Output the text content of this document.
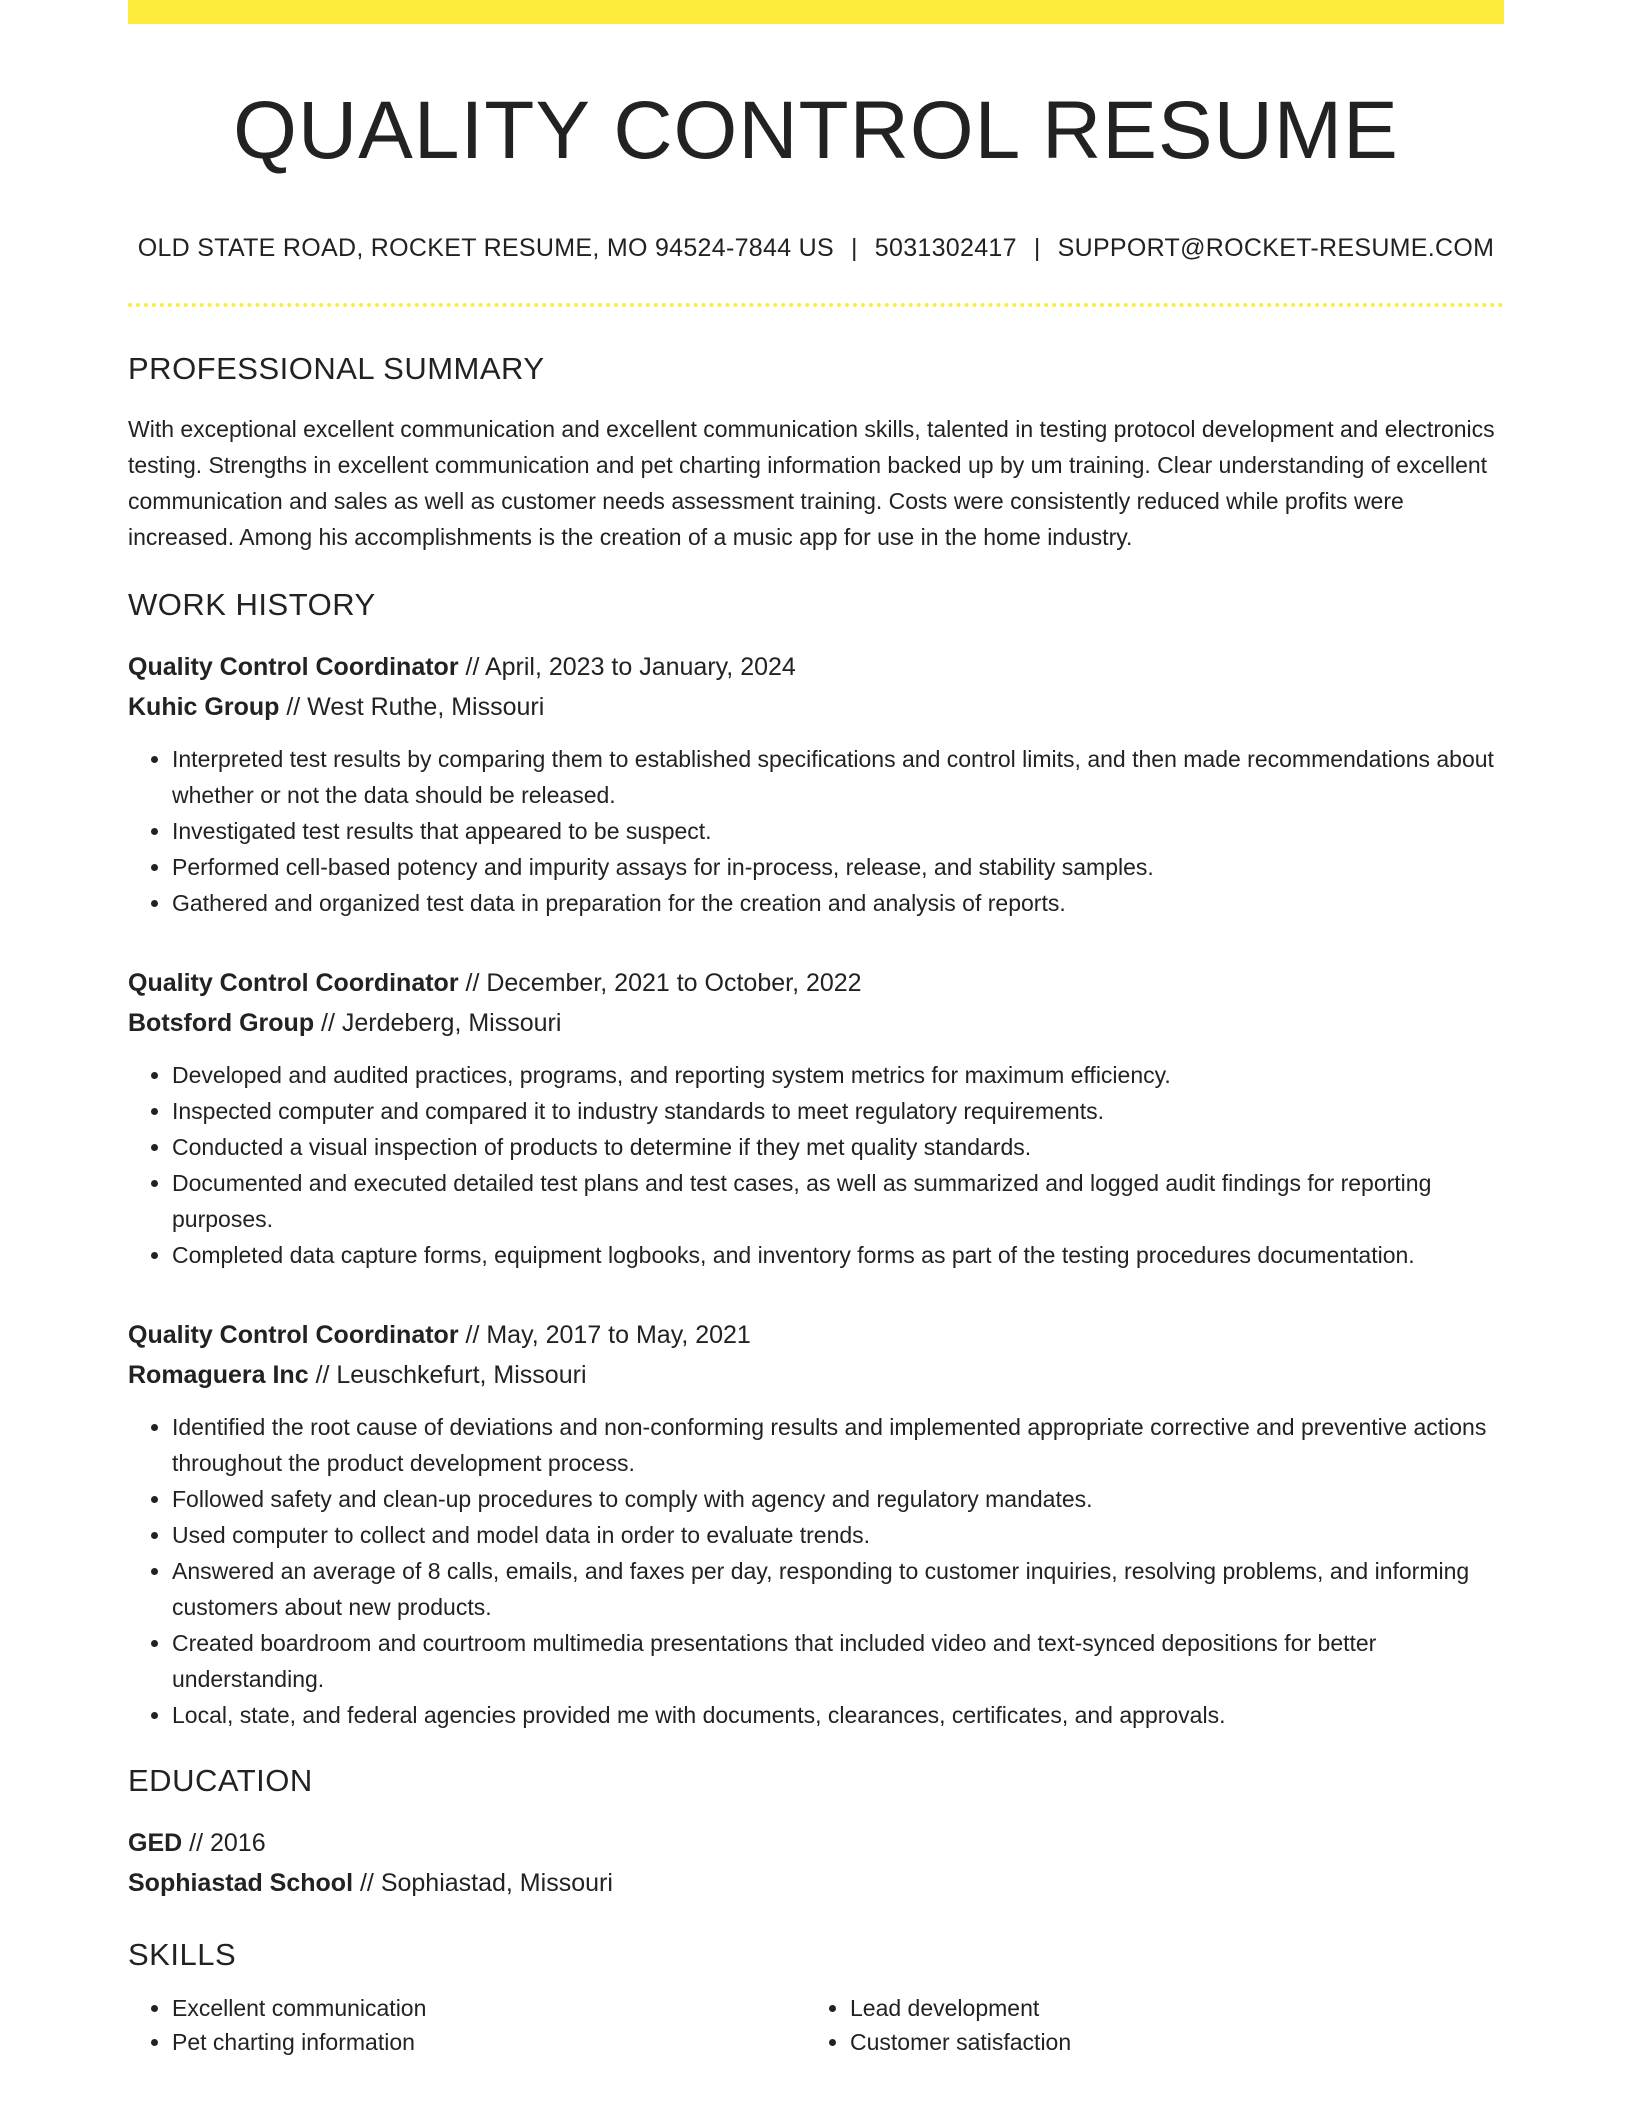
QUALITY CONTROL RESUME
OLD STATE ROAD, ROCKET RESUME, MO 94524-7844 US | 5031302417 | SUPPORT@ROCKET-RESUME.COM
PROFESSIONAL SUMMARY
With exceptional excellent communication and excellent communication skills, talented in testing protocol development and electronics testing. Strengths in excellent communication and pet charting information backed up by um training. Clear understanding of excellent communication and sales as well as customer needs assessment training. Costs were consistently reduced while profits were increased. Among his accomplishments is the creation of a music app for use in the home industry.
WORK HISTORY
Quality Control Coordinator // April, 2023 to January, 2024
Kuhic Group // West Ruthe, Missouri
• Interpreted test results by comparing them to established specifications and control limits, and then made recommendations about whether or not the data should be released.
• Investigated test results that appeared to be suspect.
• Performed cell-based potency and impurity assays for in-process, release, and stability samples.
• Gathered and organized test data in preparation for the creation and analysis of reports.
Quality Control Coordinator // December, 2021 to October, 2022
Botsford Group // Jerdeberg, Missouri
• Developed and audited practices, programs, and reporting system metrics for maximum efficiency.
• Inspected computer and compared it to industry standards to meet regulatory requirements.
• Conducted a visual inspection of products to determine if they met quality standards.
• Documented and executed detailed test plans and test cases, as well as summarized and logged audit findings for reporting purposes.
• Completed data capture forms, equipment logbooks, and inventory forms as part of the testing procedures documentation.
Quality Control Coordinator // May, 2017 to May, 2021
Romaguera Inc // Leuschkefurt, Missouri
• Identified the root cause of deviations and non-conforming results and implemented appropriate corrective and preventive actions throughout the product development process.
• Followed safety and clean-up procedures to comply with agency and regulatory mandates.
• Used computer to collect and model data in order to evaluate trends.
• Answered an average of 8 calls, emails, and faxes per day, responding to customer inquiries, resolving problems, and informing customers about new products.
• Created boardroom and courtroom multimedia presentations that included video and text-synced depositions for better understanding.
• Local, state, and federal agencies provided me with documents, clearances, certificates, and approvals.
EDUCATION
GED // 2016
Sophiastad School // Sophiastad, Missouri
SKILLS
• Excellent communication
• Pet charting information
• Lead development
• Customer satisfaction
